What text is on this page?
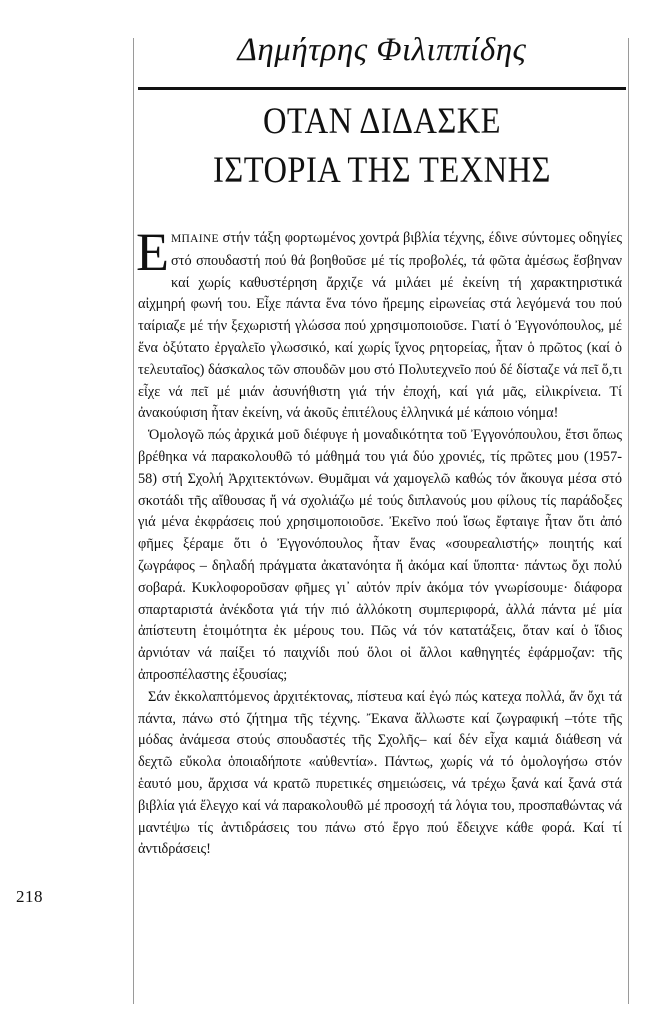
Δημήτρης Φιλιππίδης
ΟΤΑΝ ΔΙΔΑΣΚΕ
ΙΣΤΟΡΙΑ ΤΗΣ ΤΕΧΝΗΣ

ΕΜΠΑΙΝΕ στήν τάξη φορτωμένος χοντρά βιβλία τέχνης, έδινε σύντομες οδηγίες στό σπουδαστή πού θά βοηθοῦσε μέ τίς προβολές, τά φῶτα ἀμέσως ἔσβηναν καί χωρίς καθυστέρηση ἄρχιζε νά μιλάει μέ ἐκείνη τή χαρακτηριστικά αἰχμηρή φωνή του. Εἶχε πάντα ἕνα τόνο ἤρεμης εἰρωνείας στά λεγόμενά του πού ταίριαζε μέ τήν ξεχωριστή γλώσσα πού χρησιμοποιοῦσε. Γιατί ὁ Ἐγγονόπουλος, μέ ἕνα ὀξύτατο ἐργαλεῖο γλωσσικό, καί χωρίς ἴχνος ρητορείας, ἦταν ὁ πρῶτος (καί ὁ τελευταῖος) δάσκαλος τῶν σπουδῶν μου στό Πολυτεχνεῖο πού δέ δίσταζε νά πεῖ ὅ,τι εἶχε νά πεῖ μέ μιάν ἀσυνήθιστη γιά τήν ἐποχή, καί γιά μᾶς, εἰλικρίνεια. Τί ἀνακούφιση ἦταν ἐκείνη, νά ἀκοῦς ἐπιτέλους ἑλληνικά μέ κάποιο νόημα!

Ὁμολογῶ πώς ἀρχικά μοῦ διέφυγε ἡ μοναδικότητα τοῦ Ἐγγονόπουλου, ἔτσι ὅπως βρέθηκα νά παρακολουθῶ τό μάθημά του γιά δύο χρονιές, τίς πρῶτες μου (1957-58) στή Σχολή Ἀρχιτεκτόνων. Θυμᾶμαι νά χαμογελῶ καθώς τόν ἄκουγα μέσα στό σκοτάδι τῆς αἴθουσας ἤ νά σχολιάζω μέ τούς διπλανούς μου φίλους τίς παράδοξες γιά μένα ἐκφράσεις πού χρησιμοποιοῦσε. Ἐκεῖνο πού ἴσως ἔφταιγε ἦταν ὅτι ἀπό φῆμες ξέραμε ὅτι ὁ Ἐγγονόπουλος ἦταν ἕνας «σουρεαλιστής» ποιητής καί ζωγράφος – δηλαδή πράγματα ἀκατανόητα ἤ ἀκόμα καί ὕποπτα· πάντως ὄχι πολύ σοβαρά. Κυκλοφοροῦσαν φῆμες γι᾿ αὐτόν πρίν ἀκόμα τόν γνωρίσουμε· διάφορα σπαρταριστά ἀνέκδοτα γιά τήν πιό ἀλλόκοτη συμπεριφορά, ἀλλά πάντα μέ μία ἀπίστευτη ἑτοιμότητα ἐκ μέρους του. Πῶς νά τόν κατατάξεις, ὅταν καί ὁ ἴδιος ἀρνιόταν νά παίξει τό παιχνίδι πού ὅλοι οἱ ἄλλοι καθηγητές ἐφάρμοζαν: τῆς ἀπροσπέλαστης ἐξουσίας;

Σάν ἐκκολαπτόμενος ἀρχιτέκτονας, πίστευα καί ἐγώ πώς κατεχα πολλά, ἄν ὄχι τά πάντα, πάνω στό ζήτημα τῆς τέχνης. Ἔκανα ἄλλωστε καί ζωγραφική –τότε τῆς μόδας ἀνάμεσα στούς σπουδαστές τῆς Σχολῆς– καί δέν εἶχα καμιά διάθεση νά δεχτῶ εὔκολα ὁποιαδήποτε «αὐθεντία». Πάντως, χωρίς νά τό ὁμολογήσω στόν ἑαυτό μου, ἄρχισα νά κρατῶ πυρετικές σημειώσεις, νά τρέχω ξανά καί ξανά στά βιβλία γιά ἔλεγχο καί νά παρακολουθῶ μέ προσοχή τά λόγια του, προσπαθώντας νά μαντέψω τίς ἀντιδράσεις του πάνω στό ἔργο πού ἔδειχνε κάθε φορά. Καί τί ἀντιδράσεις!

218
